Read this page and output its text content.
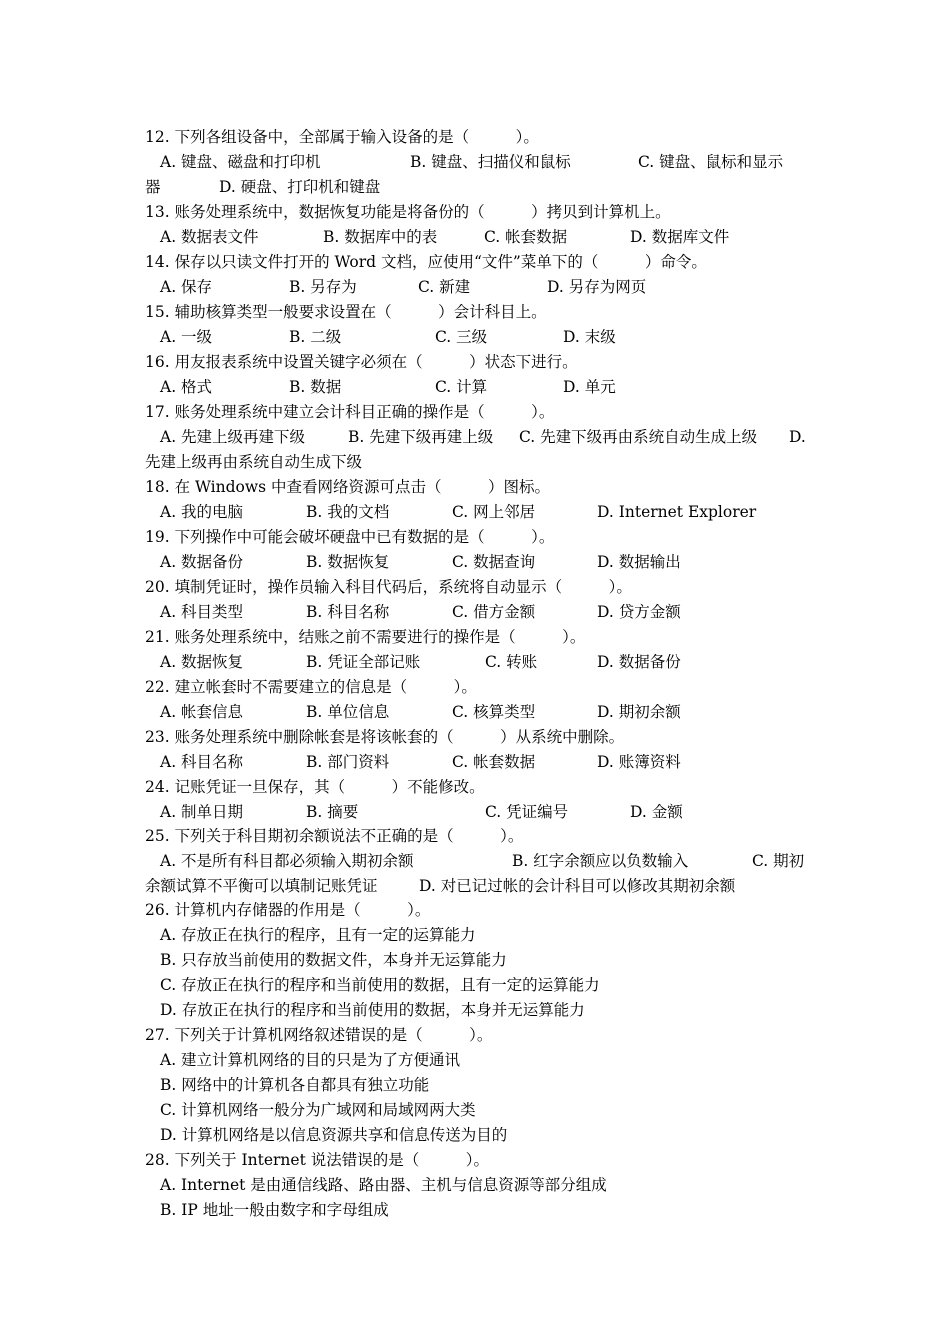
12. 下列各组设备中，全部属于输入设备的是（　　　）。
A. 键盘、磁盘和打印机	B. 键盘、扫描仪和鼠标	C. 键盘、鼠标和显示
器	D. 硬盘、打印机和键盘
13. 账务处理系统中，数据恢复功能是将备份的（　　　）拷贝到计算机上。
A. 数据表文件	B. 数据库中的表	C. 帐套数据	D. 数据库文件
14. 保存以只读文件打开的 Word 文档，应使用“文件”菜单下的（　　　）命令。
A. 保存	B. 另存为	C. 新建	D. 另存为网页
15. 辅助核算类型一般要求设置在（　　　）会计科目上。
A. 一级	B. 二级	C. 三级	D. 末级
16. 用友报表系统中设置关键字必须在（　　　）状态下进行。
A. 格式	B. 数据	C. 计算	D. 单元
17. 账务处理系统中建立会计科目正确的操作是（　　　）。
A. 先建上级再建下级	B. 先建下级再建上级 C. 先建下级再由系统自动生成上级 D.
先建上级再由系统自动生成下级
18. 在 Windows 中查看网络资源可点击（　　　）图标。
A. 我的电脑	B. 我的文档	C. 网上邻居	D. Internet Explorer
19. 下列操作中可能会破坏硬盘中已有数据的是（　　　）。
A. 数据备份	B. 数据恢复	C. 数据查询	D. 数据输出
20. 填制凭证时，操作员输入科目代码后，系统将自动显示（　　　）。
A. 科目类型	B. 科目名称	C. 借方金额	D. 贷方金额
21. 账务处理系统中，结账之前不需要进行的操作是（　　　）。
A. 数据恢复	B. 凭证全部记账	C. 转账	D. 数据备份
22. 建立帐套时不需要建立的信息是（　　　）。
A. 帐套信息	B. 单位信息	C. 核算类型	D. 期初余额
23. 账务处理系统中删除帐套是将该帐套的（　　　）从系统中删除。
A. 科目名称	B. 部门资料	C. 帐套数据	D. 账簿资料
24. 记账凭证一旦保存，其（　　　）不能修改。
A. 制单日期	B. 摘要	C. 凭证编号	D. 金额
25. 下列关于科目期初余额说法不正确的是（　　　）。
A. 不是所有科目都必须输入期初余额	B. 红字余额应以负数输入	C. 期初
余额试算不平衡可以填制记账凭证	D. 对已记过帐的会计科目可以修改其期初余额
26. 计算机内存储器的作用是（　　　）。
A. 存放正在执行的程序，且有一定的运算能力
B. 只存放当前使用的数据文件，本身并无运算能力
C. 存放正在执行的程序和当前使用的数据，且有一定的运算能力
D. 存放正在执行的程序和当前使用的数据，本身并无运算能力
27. 下列关于计算机网络叙述错误的是（　　　）。
A. 建立计算机网络的目的只是为了方便通讯
B. 网络中的计算机各自都具有独立功能
C. 计算机网络一般分为广域网和局域网两大类
D. 计算机网络是以信息资源共享和信息传送为目的
28. 下列关于 Internet 说法错误的是（　　　）。
A. Internet 是由通信线路、路由器、主机与信息资源等部分组成
B. IP 地址一般由数字和字母组成
